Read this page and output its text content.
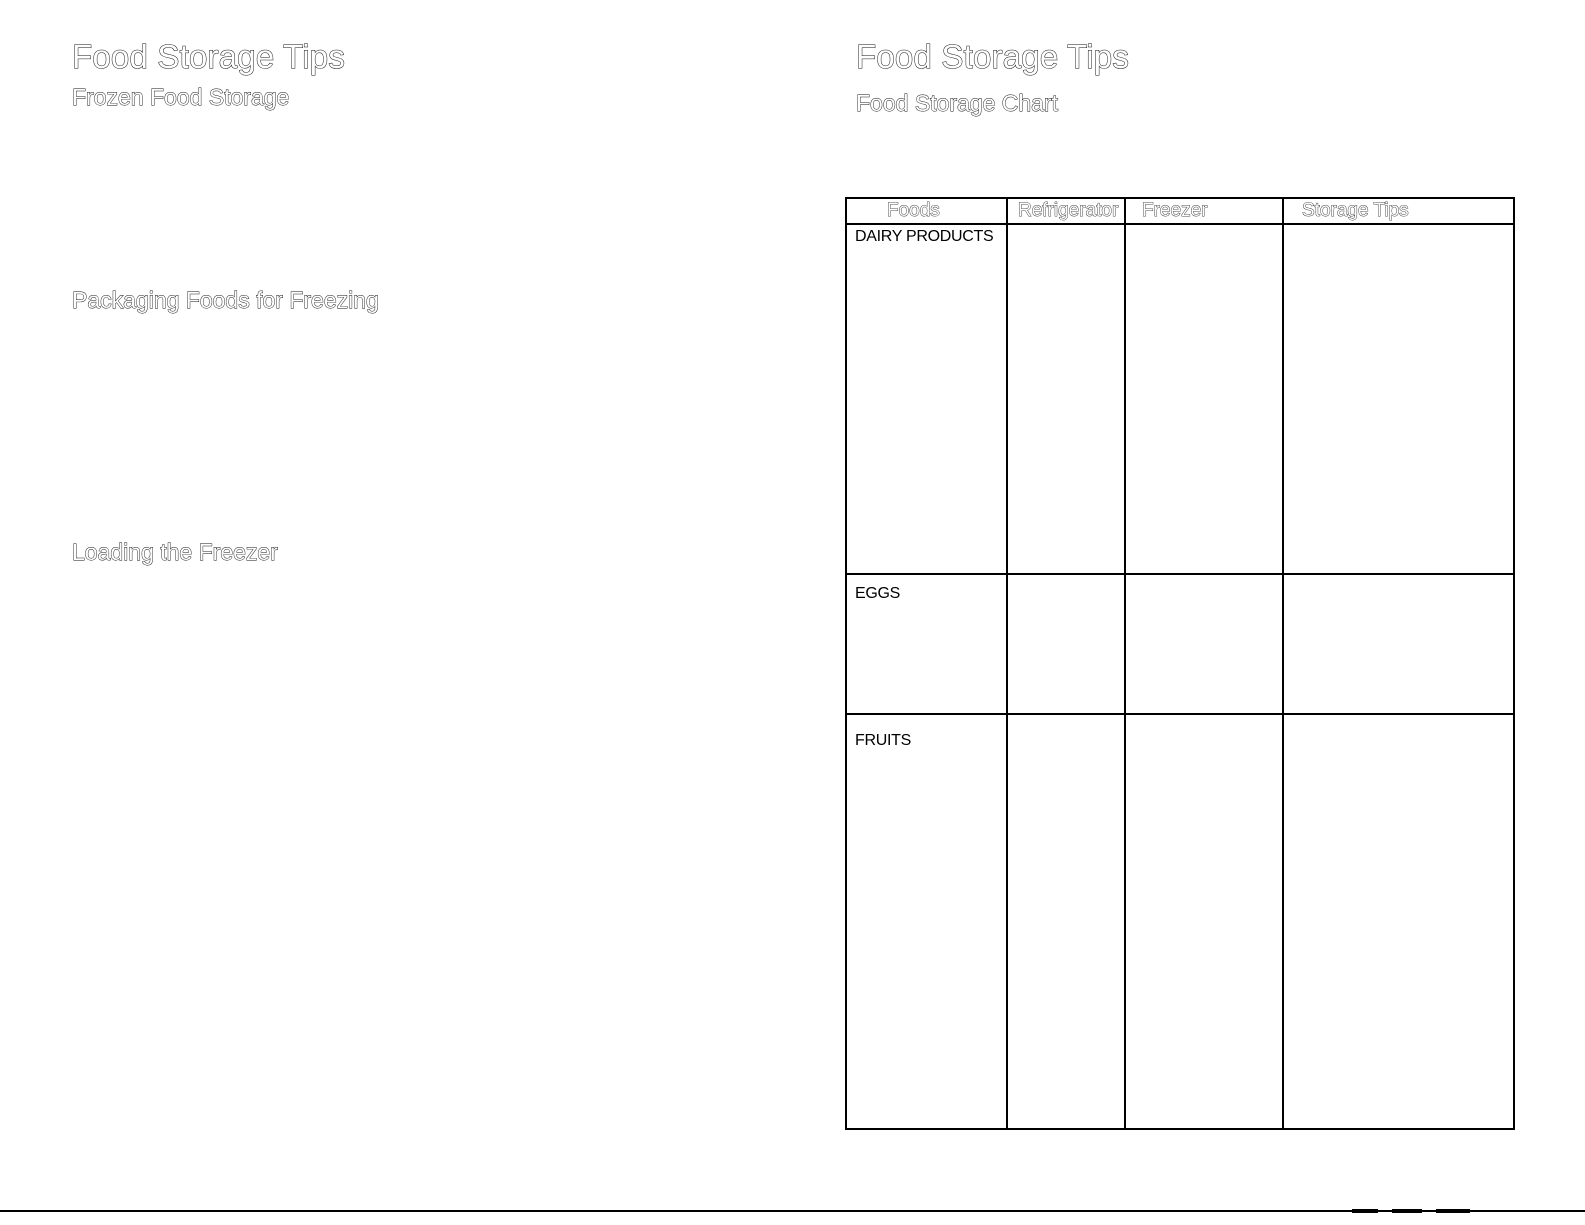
Food Storage Tips
Frozen Food Storage
Packaging Foods for Freezing
Loading the Freezer
Food Storage Tips
Food Storage Chart
Foods	Refrigerator	Freezer	Storage Tips
DAIRY PRODUCTS			
EGGS			
FRUITS			
